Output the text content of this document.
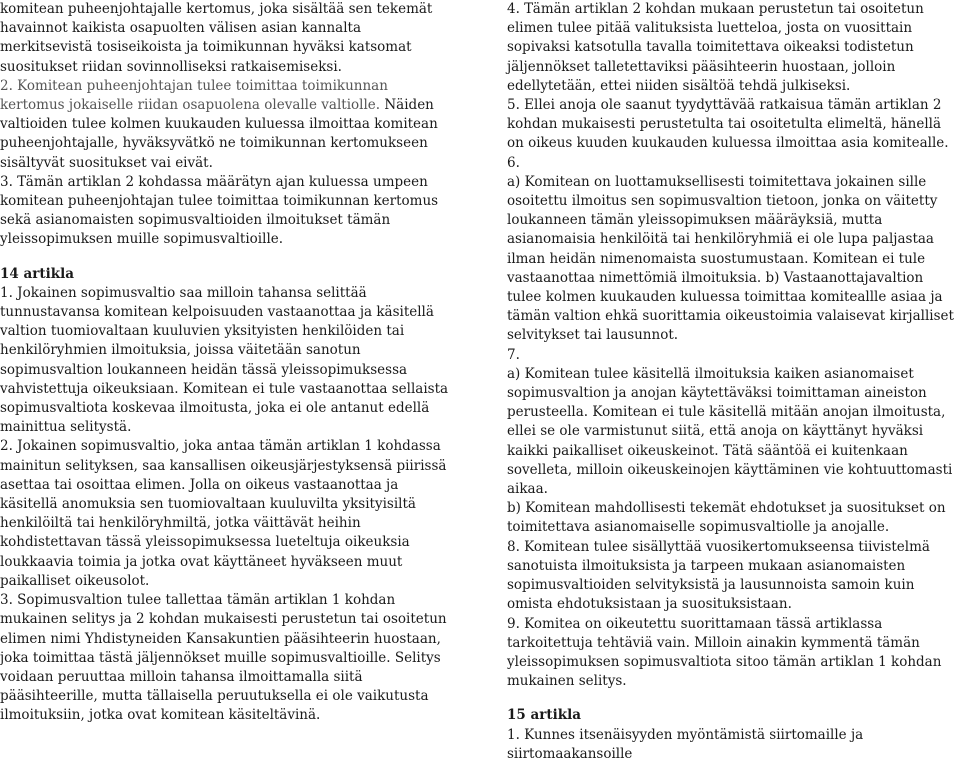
komitean puheenjohtajalle kertomus, joka sisältää sen tekemät havainnot kaikista osapuolten välisen asian kannalta merkitsevistä tosiseikoista ja toimikunnan hyväksi katsomat suositukset riidan sovinnolliseksi ratkaisemiseksi.

2. Komitean puheenjohtajan tulee toimittaa toimikunnan kertomus jokaiselle riidan osapuolena olevalle valtiolle. Näiden valtioiden tulee kolmen kuukauden kuluessa ilmoittaa komitean puheenjohtajalle, hyväksyvätkö ne toimikunnan kertomukseen sisältyvät suositukset vai eivät.

3. Tämän artiklan 2 kohdassa määrätyn ajan kuluessa umpeen komitean puheenjohtajan tulee toimittaa toimikunnan kertomus sekä asianomaisten sopimusvaltioiden ilmoitukset tämän yleissopimuksen muille sopimusvaltioille.

14 artikla

1. Jokainen sopimusvaltio saa milloin tahansa selittää tunnustavansa komitean kelpoisuuden vastaanottaa ja käsitellä valtion tuomiovaltaan kuuluvien yksityisten henkilöiden tai henkilöryhmien ilmoituksia, joissa väitetään sanotun sopimusvaltion loukanneen heidän tässä yleissopimuksessa vahvistettuja oikeuksiaan. Komitean ei tule vastaanottaa sellaista sopimusvaltiota koskevaa ilmoitusta, joka ei ole antanut edellä mainittua selitystä.

2. Jokainen sopimusvaltio, joka antaa tämän artiklan 1 kohdassa mainitun selityksen, saa kansallisen oikeusjärjestyksensä piirissä asettaa tai osoittaa elimen. Jolla on oikeus vastaanottaa ja käsitellä anomuksia sen tuomiovaltaan kuuluvilta yksityisiltä henkilöiltä tai henkilöryhmiltä, jotka väittävät heihin kohdistettavan tässä yleissopimuksessa lueteltuja oikeuksia loukkaavia toimia ja jotka ovat käyttäneet hyväkseen muut paikalliset oikeusolot.

3. Sopimusvaltion tulee tallettaa tämän artiklan 1 kohdan mukainen selitys ja 2 kohdan mukaisesti perustetun tai osoitetun elimen nimi Yhdistyneiden Kansakuntien pääsihteerin huostaan, joka toimittaa tästä jäljennökset muille sopimusvaltioille. Selitys voidaan peruuttaa milloin tahansa ilmoittamalla siitä pääsihteerille, mutta tällaisella peruutuksella ei ole vaikutusta ilmoituksiin, jotka ovat komitean käsiteltävinä.

4. Tämän artiklan 2 kohdan mukaan perustetun tai osoitetun elimen tulee pitää valituksista luetteloa, josta on vuosittain sopivaksi katsotulla tavalla toimitettava oikeaksi todistetun jäljennökset talletettaviksi pääsihteerin huostaan, jolloin edellytetään, ettei niiden sisältöä tehdä julkiseksi.

5. Ellei anoja ole saanut tyydyttävää ratkaisua tämän artiklan 2 kohdan mukaisesti perustetulta tai osoitetulta elimeltä, hänellä on oikeus kuuden kuukauden kuluessa ilmoittaa asia komitealle.

6.

a) Komitean on luottamuksellisesti toimitettava jokainen sille osoitettu ilmoitus sen sopimusvaltion tietoon, jonka on väitetty loukanneen tämän yleissopimuksen määräyksiä, mutta asianomaisia henkilöitä tai henkilöryhmiä ei ole lupa paljastaa ilman heidän nimenomaista suostumustaan. Komitean ei tule vastaanottaa nimettömiä ilmoituksia. b) Vastaanottajavaltion tulee kolmen kuukauden kuluessa toimittaa komiteallle asiaa ja tämän valtion ehkä suorittamia oikeustoimia valaisevat kirjalliset selvitykset tai lausunnot.

7.

a) Komitean tulee käsitellä ilmoituksia kaiken asianomaiset sopimusvaltion ja anojan käytettäväksi toimittaman aineiston perusteella. Komitean ei tule käsitellä mitään anojan ilmoitusta, ellei se ole varmistunut siitä, että anoja on käyttänyt hyväksi kaikki paikalliset oikeuskeinot. Tätä sääntöä ei kuitenkaan sovelleta, milloin oikeuskeinojen käyttäminen vie kohtuuttomasti aikaa.

b) Komitean mahdollisesti tekemät ehdotukset ja suositukset on toimitettava asianomaiselle sopimusvaltiolle ja anojalle.

8. Komitean tulee sisällyttää vuosikertomukseensa tiivistelmä sanotuista ilmoituksista ja tarpeen mukaan asianomaisten sopimusvaltioiden selvityksistä ja lausunnoista samoin kuin omista ehdotuksistaan ja suosituksistaan.

9. Komitea on oikeutettu suorittamaan tässä artiklassa tarkoitettuja tehtäviä vain. Milloin ainakin kymmentä tämän yleissopimuksen sopimusvaltiota sitoo tämän artiklan 1 kohdan mukainen selitys.

15 artikla

1. Kunnes itsenäisyyden myöntämistä siirtomaille ja siirtomaakansoille
